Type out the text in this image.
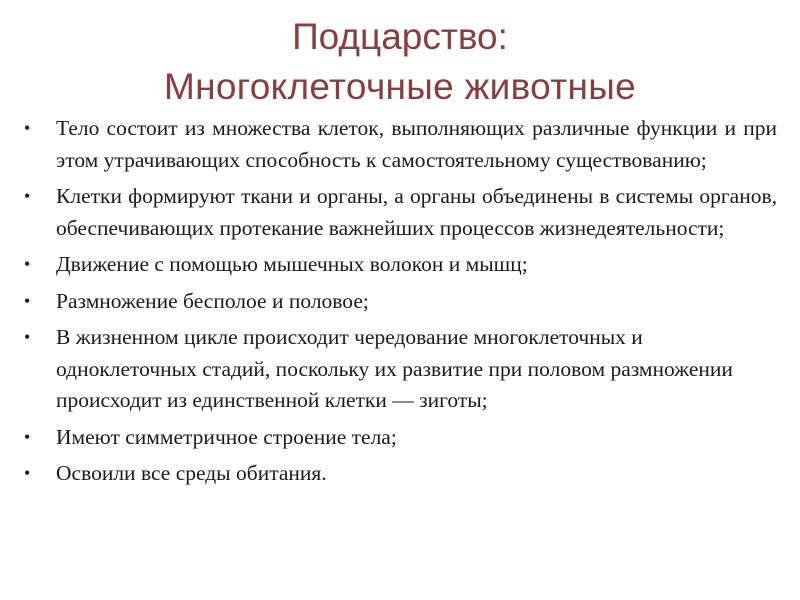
Подцарство:
Многоклеточные животные
• Тело состоит из множества клеток, выполняющих различные функции и при этом утрачивающих способность к самостоятельному существованию;
• Клетки формируют ткани и органы, а органы объединены в системы органов, обеспечивающих протекание важнейших процессов жизнедеятельности;
• Движение с помощью мышечных волокон и мышц;
• Размножение бесполое и половое;
• В жизненном цикле происходит чередование многоклеточных и одноклеточных стадий, поскольку их развитие при половом размножении происходит из единственной клетки — зиготы;
• Имеют симметричное строение тела;
• Освоили все среды обитания.
